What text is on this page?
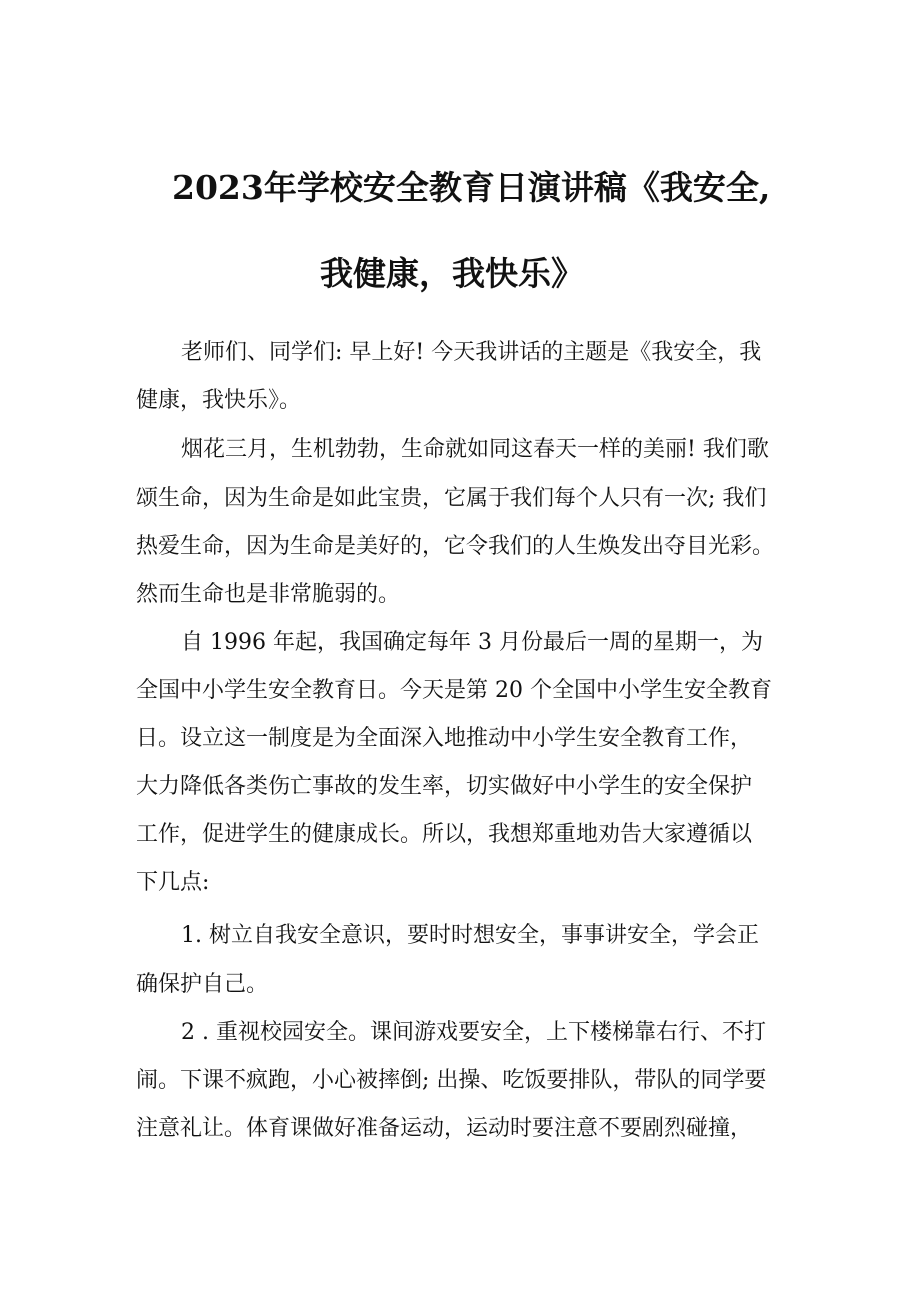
2023年学校安全教育日演讲稿《我安全,
我健康，我快乐》
老师们、同学们: 早上好! 今天我讲话的主题是《我安全，我
健康，我快乐》。
烟花三月，生机勃勃，生命就如同这春天一样的美丽! 我们歌
颂生命，因为生命是如此宝贵，它属于我们每个人只有一次; 我们
热爱生命，因为生命是美好的，它令我们的人生焕发出夺目光彩。
然而生命也是非常脆弱的。
自 1996 年起，我国确定每年 3 月份最后一周的星期一，为
全国中小学生安全教育日。今天是第 20 个全国中小学生安全教育
日。设立这一制度是为全面深入地推动中小学生安全教育工作，
大力降低各类伤亡事故的发生率，切实做好中小学生的安全保护
工作，促进学生的健康成长。所以，我想郑重地劝告大家遵循以
下几点:
1. 树立自我安全意识，要时时想安全，事事讲安全，学会正
确保护自己。
2 . 重视校园安全。课间游戏要安全，上下楼梯靠右行、不打
闹。下课不疯跑，小心被摔倒; 出操、吃饭要排队，带队的同学要
注意礼让。体育课做好准备运动，运动时要注意不要剧烈碰撞，
